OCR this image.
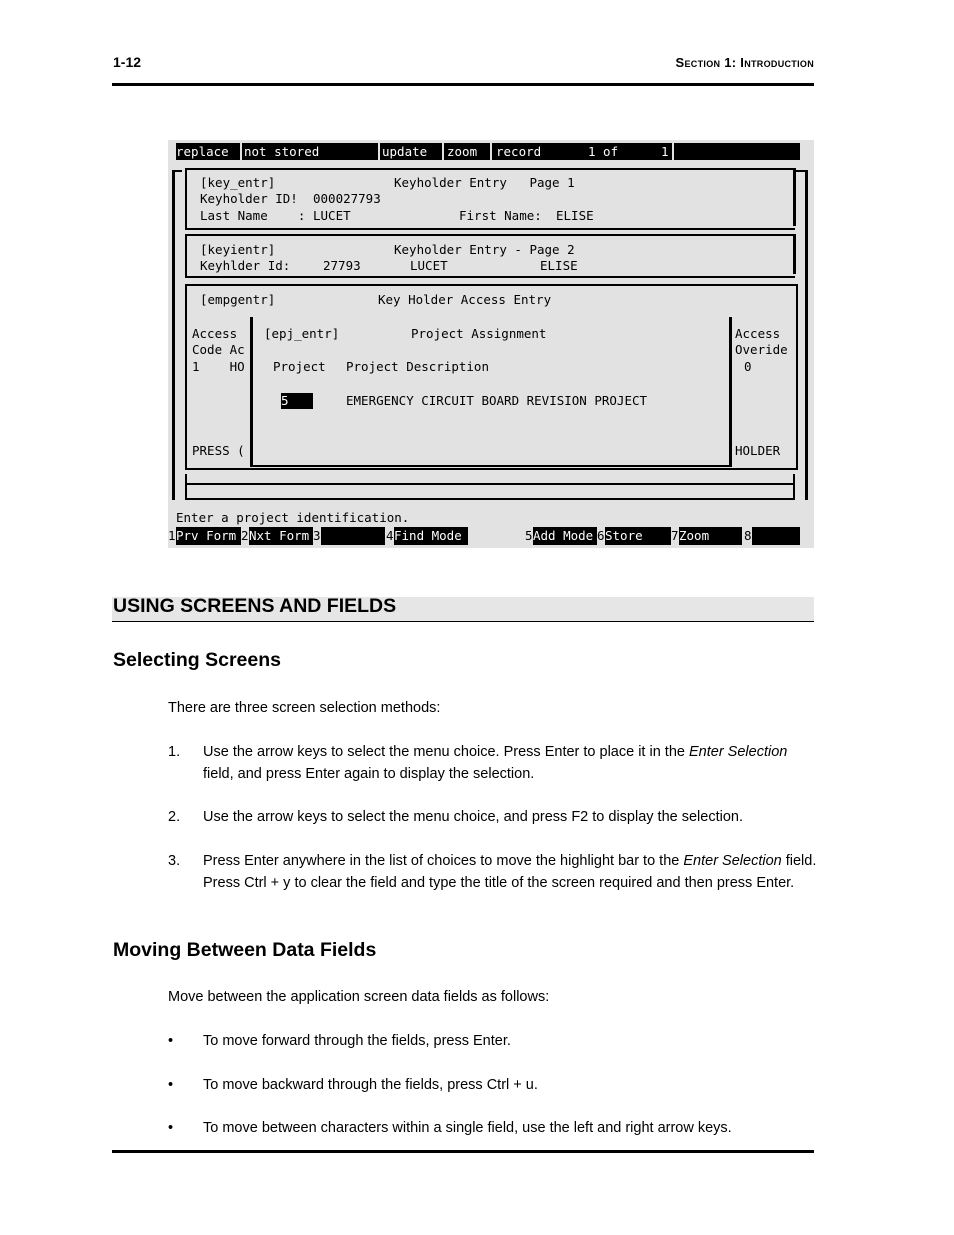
1-12	Section 1: Introduction
replace not stored	update zoom record	1 of	1
[key_entr]	Keyholder Entry   Page 1
Keyholder ID! 000027793
Last Name    : LUCET	First Name: ELISE
[keyientr]	Keyholder Entry - Page 2
Keyhlder Id:	27793	LUCET	ELISE
[empgentr]	Key Holder Access Entry
Access
Code Ac
1    HO
PRESS (
Access
Overide
0
HOLDER
[epj_entr]	Project Assignment
Project Project Description
5	EMERGENCY CIRCUIT BOARD REVISION PROJECT
Enter a project identification.
1 Prv Form 2 Nxt Form 3	4 Find Mode	5 Add Mode 6 Store	7 Zoom	8
USING SCREENS AND FIELDS
Selecting Screens
There are three screen selection methods:
1. Use the arrow keys to select the menu choice. Press Enter to place it in the Enter Selection field, and press Enter again to display the selection.
2. Use the arrow keys to select the menu choice, and press F2 to display the selection.
3. Press Enter anywhere in the list of choices to move the highlight bar to the Enter Selection field. Press Ctrl + y to clear the field and type the title of the screen required and then press Enter.
Moving Between Data Fields
Move between the application screen data fields as follows:
• To move forward through the fields, press Enter.
• To move backward through the fields, press Ctrl + u.
• To move between characters within a single field, use the left and right arrow keys.
